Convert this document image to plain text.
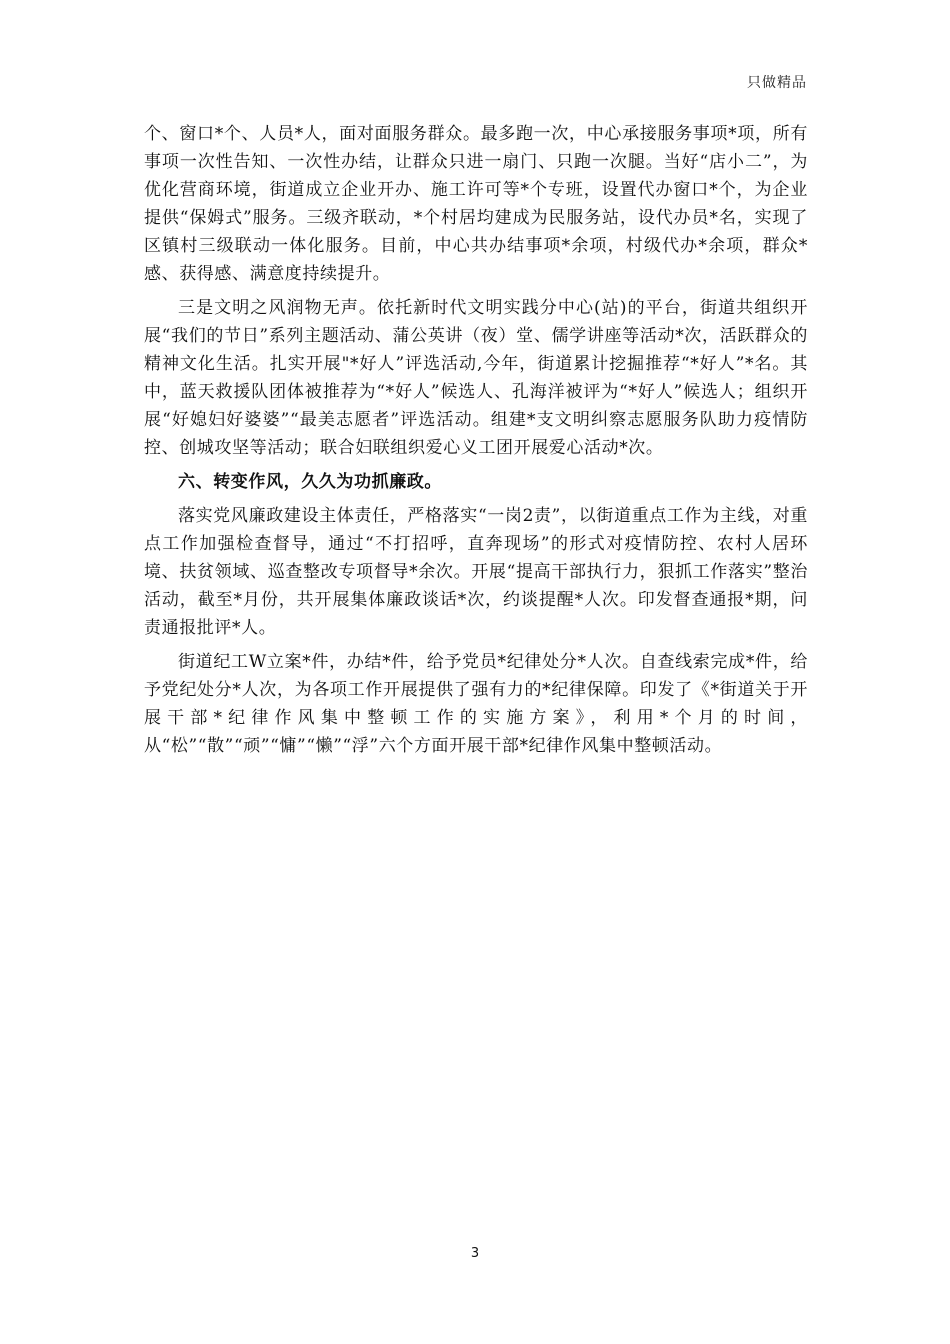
只做精品

个、窗口*个、人员*人，面对面服务群众。最多跑一次，中心承接服务事项*项，所有事项一次性告知、一次性办结，让群众只进一扇门、只跑一次腿。当好“店小二”，为优化营商环境，街道成立企业开办、施工许可等*个专班，设置代办窗口*个，为企业提供“保姆式”服务。三级齐联动，*个村居均建成为民服务站，设代办员*名，实现了区镇村三级联动一体化服务。目前，中心共办结事项*余项，村级代办*余项，群众*感、获得感、满意度持续提升。

三是文明之风润物无声。依托新时代文明实践分中心(站)的平台，街道共组织开展“我们的节日”系列主题活动、蒲公英讲（夜）堂、儒学讲座等活动*次，活跃群众的精神文化生活。扎实开展"*好人”评选活动,今年，街道累计挖掘推荐“*好人”*名。其中，蓝天救援队团体被推荐为“*好人”候选人、孔海洋被评为“*好人”候选人；组织开展“好媳妇好婆婆”“最美志愿者”评选活动。组建*支文明纠察志愿服务队助力疫情防控、创城攻坚等活动；联合妇联组织爱心义工团开展爱心活动*次。

六、转变作风，久久为功抓廉政。

落实党风廉政建设主体责任，严格落实“一岗2责”，以街道重点工作为主线，对重点工作加强检查督导，通过“不打招呼，直奔现场”的形式对疫情防控、农村人居环境、扶贫领域、巡查整改专项督导*余次。开展“提高干部执行力，狠抓工作落实”整治活动，截至*月份，共开展集体廉政谈话*次，约谈提醒*人次。印发督查通报*期，问责通报批评*人。

街道纪工W立案*件，办结*件，给予党员*纪律处分*人次。自查线索完成*件，给予党纪处分*人次，为各项工作开展提供了强有力的*纪律保障。印发了《*街道关于开展干部*纪律作风集中整顿工作的实施方案》，利用*个月的时间，从“松”“散”“顽”“慵”“懒”“浮”六个方面开展干部*纪律作风集中整顿活动。

3
